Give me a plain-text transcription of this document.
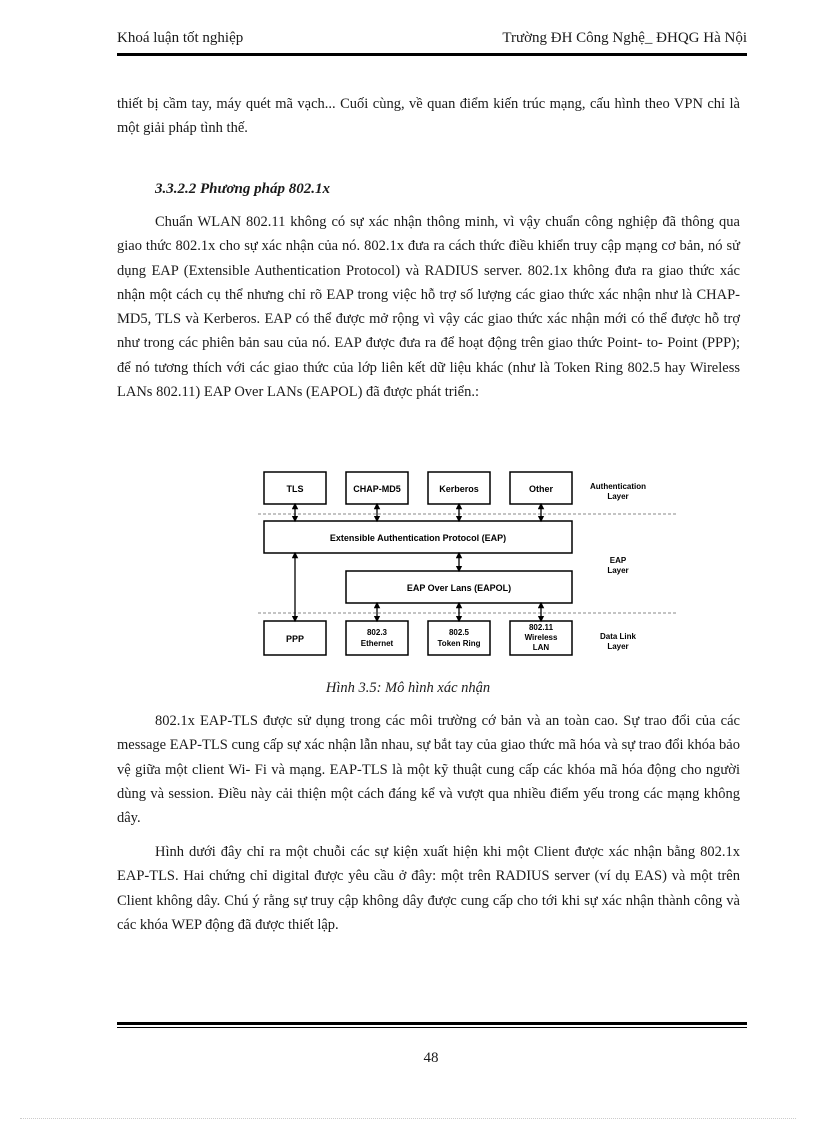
Khoá luận tốt nghiệp	Trường ĐH Công Nghệ_ ĐHQG Hà Nội

thiết bị cầm tay, máy quét mã vạch... Cuối cùng, về quan điểm kiến trúc mạng, cấu hình theo VPN chỉ là một giải pháp tình thế.

3.3.2.2 Phương pháp 802.1x

Chuẩn WLAN 802.11 không có sự xác nhận thông minh, vì vậy chuẩn công nghiệp đã thông qua giao thức 802.1x cho sự xác nhận của nó. 802.1x đưa ra cách thức điều khiển truy cập mạng cơ bản, nó sử dụng EAP (Extensible Authentication Protocol) và RADIUS server. 802.1x không đưa ra giao thức xác nhận một cách cụ thể nhưng chỉ rõ EAP trong việc hỗ trợ số lượng các giao thức xác nhận như là CHAP-MD5, TLS và Kerberos. EAP có thể được mở rộng vì vậy các giao thức xác nhận mới có thể được hỗ trợ như trong các phiên bản sau của nó. EAP được đưa ra để hoạt động trên giao thức Point- to- Point (PPP); để nó tương thích với các giao thức của lớp liên kết dữ liệu khác (như là Token Ring 802.5 hay Wireless LANs 802.11) EAP Over LANs (EAPOL) đã được phát triển.:

TLS	CHAP-MD5	Kerberos	Other	Authentication
Layer
Extensible Authentication Protocol (EAP)
EAP Over Lans (EAPOL)
EAP
Layer
PPP
802.3
Ethernet
802.5
Token Ring
802.11
Wireless
LAN
Data Link
Layer
Hình 3.5: Mô hình xác nhận

802.1x EAP-TLS được sử dụng trong các môi trường cớ bản và an toàn cao. Sự trao đổi của các message EAP-TLS cung cấp sự xác nhận lẫn nhau, sự bắt tay của giao thức mã hóa và sự trao đổi khóa bảo vệ giữa một client Wi- Fi và mạng. EAP-TLS là một kỹ thuật cung cấp các khóa mã hóa động cho người dùng và session. Điều này cải thiện một cách đáng kể và vượt qua nhiều điểm yếu trong các mạng không dây.

Hình dưới đây chỉ ra một chuỗi các sự kiện xuất hiện khi một Client được xác nhận bằng 802.1x EAP-TLS. Hai chứng chỉ digital được yêu cầu ở đây: một trên RADIUS server (ví dụ EAS) và một trên Client không dây. Chú ý rằng sự truy cập không dây được cung cấp cho tới khi sự xác nhận thành công và các khóa WEP động đã được thiết lập.

48
